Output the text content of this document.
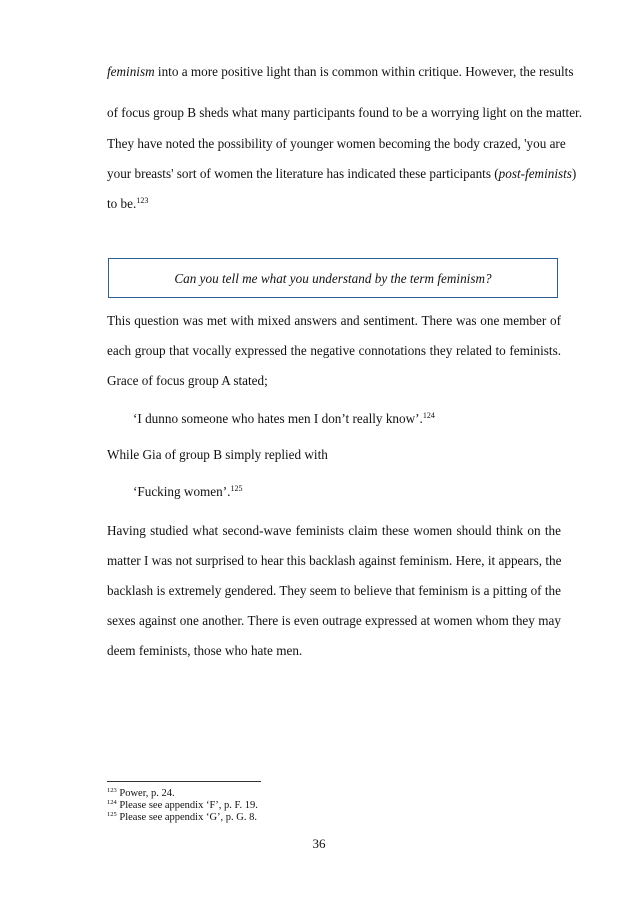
feminism into a more positive light than is common within critique. However, the results
of focus group B sheds what many participants found to be a worrying light on the matter.
They have noted the possibility of younger women becoming the body crazed, 'you are
your breasts' sort of women the literature has indicated these participants (post-feminists)
to be.$^{123}$
Can you tell me what you understand by the term feminism?
This question was met with mixed answers and sentiment. There was one member of
each group that vocally expressed the negative connotations they related to feminists.
Grace of focus group A stated;
‘I dunno someone who hates men I don’t really know’.$^{124}$
While Gia of group B simply replied with
‘Fucking women’.$^{125}$
Having studied what second-wave feminists claim these women should think on the
matter I was not surprised to hear this backlash against feminism. Here, it appears, the
backlash is extremely gendered. They seem to believe that feminism is a pitting of the
sexes against one another. There is even outrage expressed at women whom they may
deem feminists, those who hate men.
$^{123}$ Power, p. 24.
$^{124}$ Please see appendix ‘F’, p. F. 19.
$^{125}$ Please see appendix ‘G’, p. G. 8.
36
